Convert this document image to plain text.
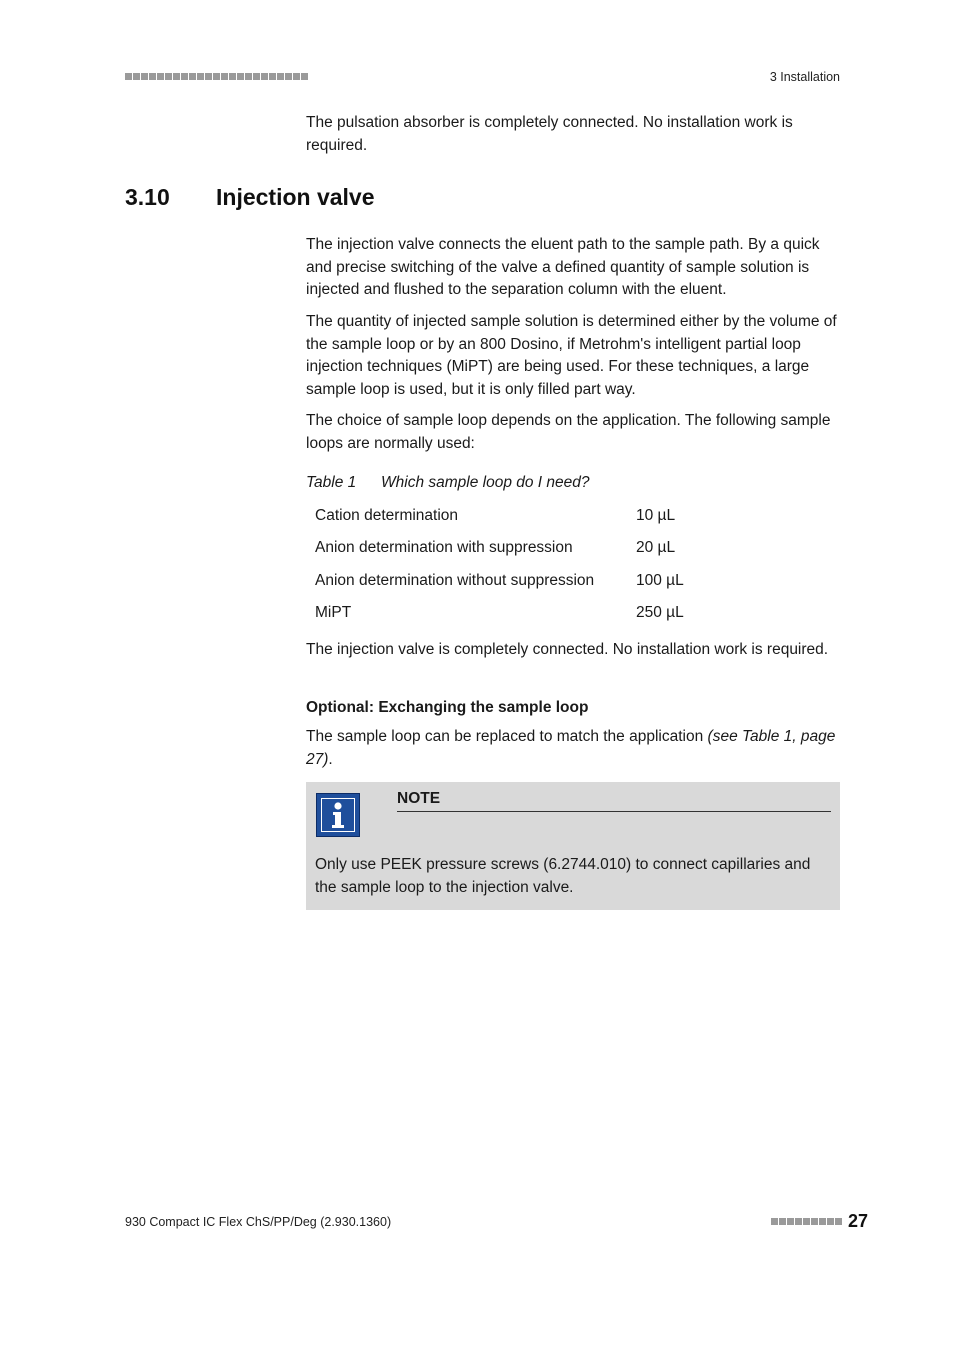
3 Installation

The pulsation absorber is completely connected. No installation work is required.

3.10 Injection valve

The injection valve connects the eluent path to the sample path. By a quick and precise switching of the valve a defined quantity of sample solution is injected and flushed to the separation column with the eluent.

The quantity of injected sample solution is determined either by the volume of the sample loop or by an 800 Dosino, if Metrohm's intelligent partial loop injection techniques (MiPT) are being used. For these techniques, a large sample loop is used, but it is only filled part way.

The choice of sample loop depends on the application. The following sample loops are normally used:

Table 1 Which sample loop do I need?
Cation determination	10 µL
Anion determination with suppression	20 µL
Anion determination without suppression	100 µL
MiPT	250 µL

The injection valve is completely connected. No installation work is required.

Optional: Exchanging the sample loop

The sample loop can be replaced to match the application (see Table 1, page 27).

NOTE

Only use PEEK pressure screws (6.2744.010) to connect capillaries and the sample loop to the injection valve.

930 Compact IC Flex ChS/PP/Deg (2.930.1360)	27
